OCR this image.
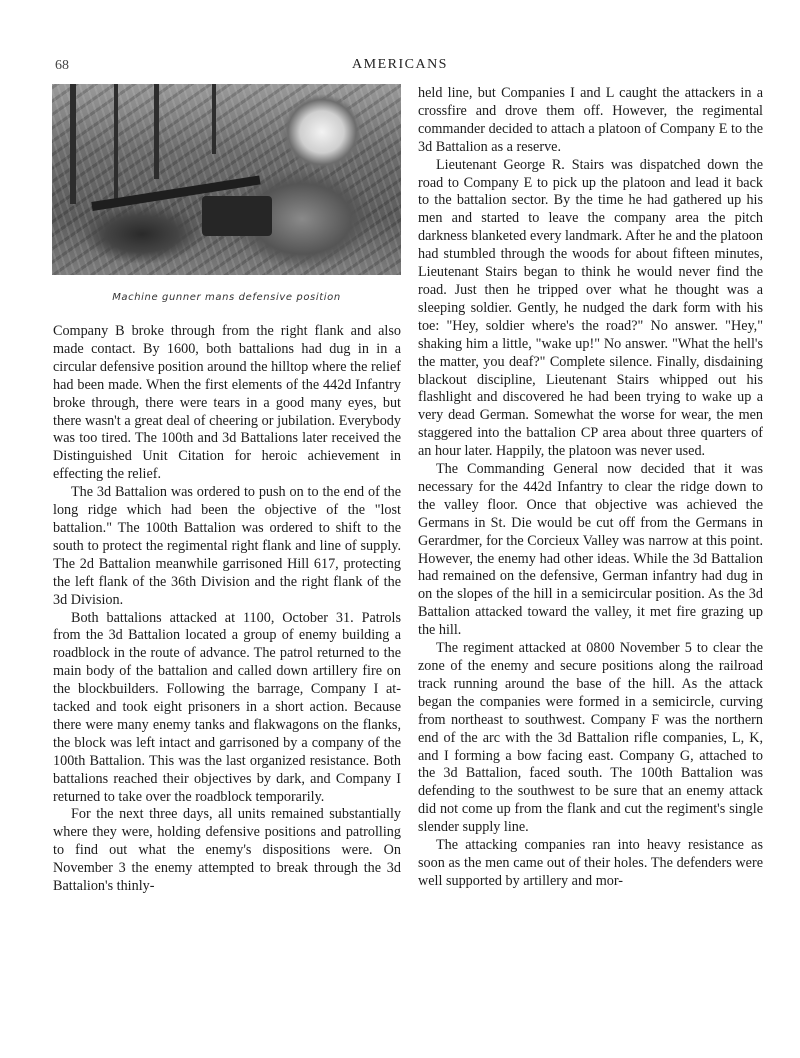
68	AMERICANS
Machine gunner mans defensive position

Company B broke through from the right flank and also made contact. By 1600, both battalions had dug in in a circular defensive position around the hilltop where the relief had been made. When the first elements of the 442d Infantry broke through, there were tears in a good many eyes, but there wasn't a great deal of cheering or jubilation. Everybody was too tired. The 100th and 3d Battalions later received the Distinguished Unit Citation for heroic achievement in effecting the relief.

The 3d Battalion was ordered to push on to the end of the long ridge which had been the objective of the "lost battalion." The 100th Battalion was ordered to shift to the south to protect the regimental right flank and line of supply. The 2d Battalion meanwhile garrisoned Hill 617, protecting the left flank of the 36th Division and the right flank of the 3d Division.

Both battalions attacked at 1100, October 31. Patrols from the 3d Battalion located a group of enemy building a roadblock in the route of advance. The patrol returned to the main body of the battalion and called down artillery fire on the blockbuilders. Following the barrage, Company I attacked and took eight prisoners in a short action. Because there were many enemy tanks and flakwagons on the flanks, the block was left intact and garrisoned by a company of the 100th Battalion. This was the last organized resistance. Both battalions reached their objectives by dark, and Company I returned to take over the roadblock temporarily.

For the next three days, all units remained substantially where they were, holding defensive positions and patrolling to find out what the enemy's dispositions were. On November 3 the enemy attempted to break through the 3d Battalion's thinly-

held line, but Companies I and L caught the attackers in a crossfire and drove them off. However, the regimental commander decided to attach a platoon of Company E to the 3d Battalion as a reserve.

Lieutenant George R. Stairs was dispatched down the road to Company E to pick up the platoon and lead it back to the battalion sector. By the time he had gathered up his men and started to leave the company area the pitch darkness blanketed every landmark. After he and the platoon had stumbled through the woods for about fifteen minutes, Lieutenant Stairs began to think he would never find the road. Just then he tripped over what he thought was a sleeping soldier. Gently, he nudged the dark form with his toe: "Hey, soldier where's the road?" No answer. "Hey," shaking him a little, "wake up!" No answer. "What the hell's the matter, you deaf?" Complete silence. Finally, disdaining blackout discipline, Lieutenant Stairs whipped out his flashlight and discovered he had been trying to wake up a very dead German. Somewhat the worse for wear, the men staggered into the battalion CP area about three quarters of an hour later. Happily, the platoon was never used.

The Commanding General now decided that it was necessary for the 442d Infantry to clear the ridge down to the valley floor. Once that objective was achieved the Germans in St. Die would be cut off from the Germans in Gerardmer, for the Corcieux Valley was narrow at this point. However, the enemy had other ideas. While the 3d Battalion had remained on the defensive, German infantry had dug in on the slopes of the hill in a semicircular position. As the 3d Battalion attacked toward the valley, it met fire grazing up the hill.

The regiment attacked at 0800 November 5 to clear the zone of the enemy and secure positions along the railroad track running around the base of the hill. As the attack began the companies were formed in a semicircle, curving from northeast to southwest. Company F was the northern end of the arc with the 3d Battalion rifle companies, L, K, and I forming a bow facing east. Company G, attached to the 3d Battalion, faced south. The 100th Battalion was defending to the southwest to be sure that an enemy attack did not come up from the flank and cut the regiment's single slender supply line.

The attacking companies ran into heavy resistance as soon as the men came out of their holes. The defenders were well supported by artillery and mor-
